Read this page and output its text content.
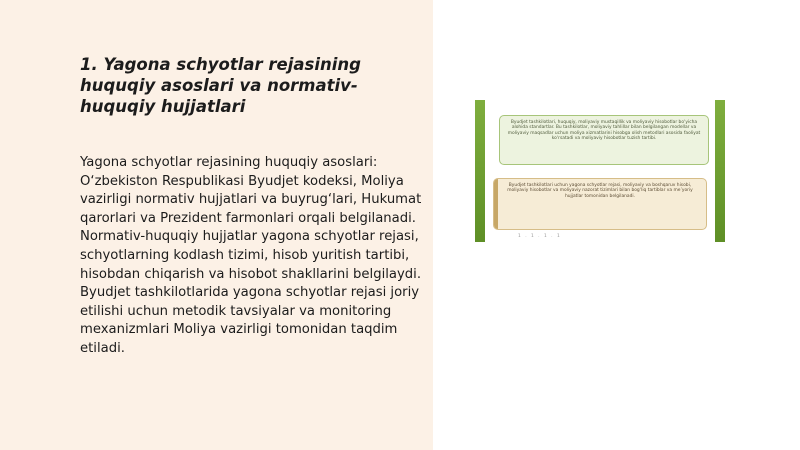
1. Yagona schyotlar rejasining huquqiy asoslari va normativ-huquqiy hujjatlari

Yagona schyotlar rejasining huquqiy asoslari: O‘zbekiston Respublikasi Byudjet kodeksi, Moliya vazirligi normativ hujjatlari va buyrug‘lari, Hukumat qarorlari va Prezident farmonlari orqali belgilanadi. Normativ-huquqiy hujjatlar yagona schyotlar rejasi, schyotlarning kodlash tizimi, hisob yuritish tartibi, hisobdan chiqarish va hisobot shakllarini belgilaydi. Byudjet tashkilotlarida yagona schyotlar rejasi joriy etilishi uchun metodik tavsiyalar va monitoring mexanizmlari Moliya vazirligi tomonidan taqdim etiladi.

Byudjet tashkilotlari, huquqiy, moliyaviy mustaqillik va moliyaviy hisobotlar bo‘yicha alohida standartlar. Bu tashkilotlar, moliyaviy tahlillar bilan belgilangan modellar va moliyaviy maqsadlar uchun moliya xizmatlarini hisobga olish metodlari asosida faoliyat ko‘rsatadi va moliyaviy hisobotlar tuzish tartibi.

Byudjet tashkilotlari uchun yagona schyotlar rejasi, moliyaviy va boshqaruv hisobi, moliyaviy hisobotlar va moliyaviy nazorat tizimlari bilan bog‘liq tartiblar va me’yoriy hujjatlar tomonidan belgilanadi.

1 . 1 . 1 . 1
